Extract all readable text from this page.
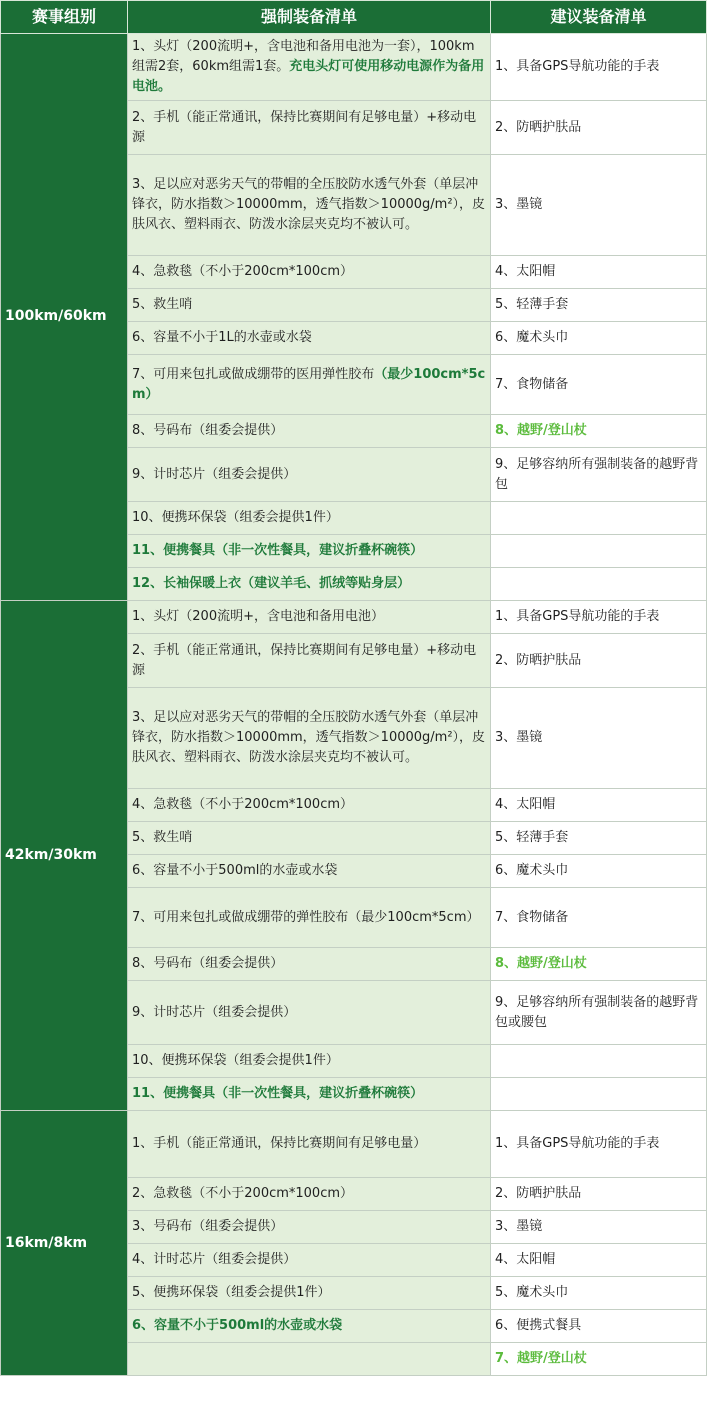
赛事组别	强制装备清单	建议装备清单
100km/60km	1、头灯（200流明+，含电池和备用电池为一套），100km组需2套，60km组需1套。充电头灯可使用移动电源作为备用电池。	1、具备GPS导航功能的手表
	2、手机（能正常通讯，保持比赛期间有足够电量）+移动电源	2、防晒护肤品
	3、足以应对恶劣天气的带帽的全压胶防水透气外套（单层冲锋衣，防水指数＞10000mm，透气指数＞10000g/m²），皮肤风衣、塑料雨衣、防泼水涂层夹克均不被认可。	3、墨镜
	4、急救毯（不小于200cm*100cm）	4、太阳帽
	5、救生哨	5、轻薄手套
	6、容量不小于1L的水壶或水袋	6、魔术头巾
	7、可用来包扎或做成绷带的医用弹性胶布（最少100cm*5cm）	7、食物储备
	8、号码布（组委会提供）	8、越野/登山杖
	9、计时芯片（组委会提供）	9、足够容纳所有强制装备的越野背包
	10、便携环保袋（组委会提供1件）	
	11、便携餐具（非一次性餐具，建议折叠杯碗筷）	
	12、长袖保暖上衣（建议羊毛、抓绒等贴身层）	
42km/30km	1、头灯（200流明+，含电池和备用电池）	1、具备GPS导航功能的手表
	2、手机（能正常通讯，保持比赛期间有足够电量）+移动电源	2、防晒护肤品
	3、足以应对恶劣天气的带帽的全压胶防水透气外套（单层冲锋衣，防水指数＞10000mm，透气指数＞10000g/m²），皮肤风衣、塑料雨衣、防泼水涂层夹克均不被认可。	3、墨镜
	4、急救毯（不小于200cm*100cm）	4、太阳帽
	5、救生哨	5、轻薄手套
	6、容量不小于500ml的水壶或水袋	6、魔术头巾
	7、可用来包扎或做成绷带的弹性胶布（最少100cm*5cm）	7、食物储备
	8、号码布（组委会提供）	8、越野/登山杖
	9、计时芯片（组委会提供）	9、足够容纳所有强制装备的越野背包或腰包
	10、便携环保袋（组委会提供1件）	
	11、便携餐具（非一次性餐具，建议折叠杯碗筷）	
16km/8km	1、手机（能正常通讯，保持比赛期间有足够电量）	1、具备GPS导航功能的手表
	2、急救毯（不小于200cm*100cm）	2、防晒护肤品
	3、号码布（组委会提供）	3、墨镜
	4、计时芯片（组委会提供）	4、太阳帽
	5、便携环保袋（组委会提供1件）	5、魔术头巾
	6、容量不小于500ml的水壶或水袋	6、便携式餐具
		7、越野/登山杖
